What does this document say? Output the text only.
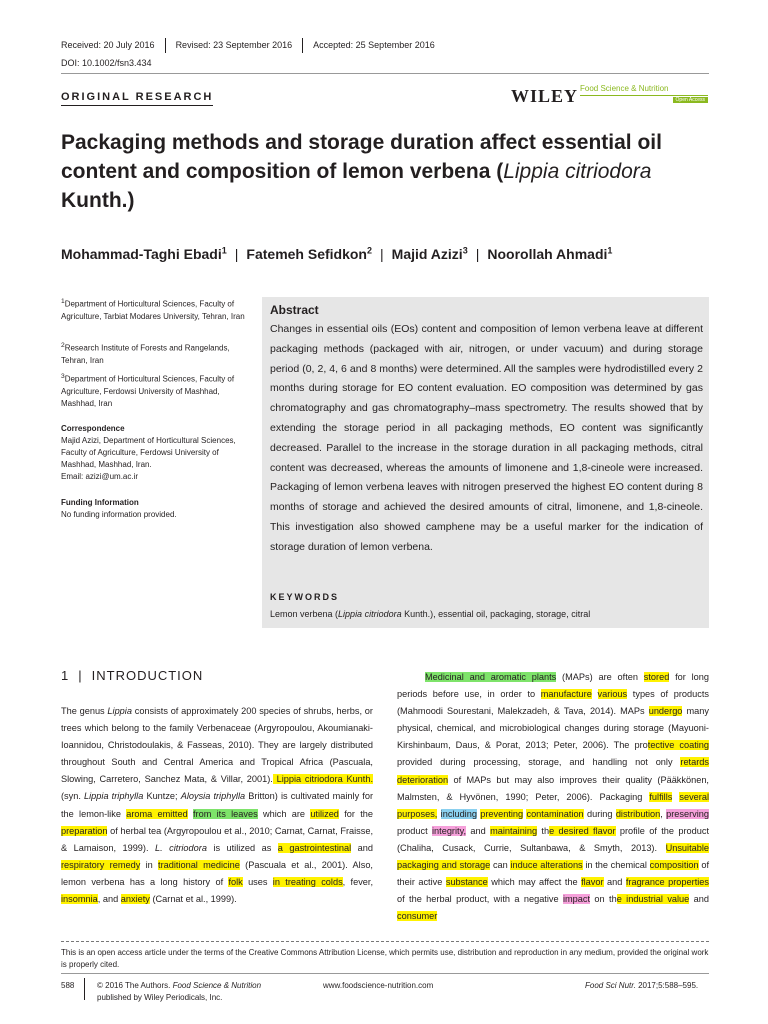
Received: 20 July 2016	Revised: 23 September 2016	Accepted: 25 September 2016
DOI: 10.1002/fsn3.434
ORIGINAL RESEARCH	WILEY Food Science & Nutrition
Open Access
Packaging methods and storage duration affect essential oil content and composition of lemon verbena (Lippia citriodora Kunth.)
Mohammad-Taghi Ebadi$^1$ | Fatemeh Sefidkon$^2$ | Majid Azizi$^3$ | Noorollah Ahmadi$^1$
$^1$Department of Horticultural Sciences, Faculty of Agriculture, Tarbiat Modares University, Tehran, Iran
$^2$Research Institute of Forests and Rangelands, Tehran, Iran
$^3$Department of Horticultural Sciences, Faculty of Agriculture, Ferdowsi University of Mashhad, Mashhad, Iran
Correspondence
Majid Azizi, Department of Horticultural Sciences, Faculty of Agriculture, Ferdowsi University of Mashhad, Mashhad, Iran.
Email: azizi@um.ac.ir
Funding Information
No funding information provided.
Abstract
Changes in essential oils (EOs) content and composition of lemon verbena leave at different packaging methods (packaged with air, nitrogen, or under vacuum) and during storage period (0, 2, 4, 6 and 8 months) were determined. All the samples were hydrodistilled every 2 months during storage for EO content evaluation. EO composition was determined by gas chromatography and gas chromatography–mass spectrometry. The results showed that by extending the storage period in all packaging methods, EO content was significantly decreased. Parallel to the increase in the storage duration in all packaging methods, citral content was decreased, whereas the amounts of limonene and 1,8-cineole were increased. Packaging of lemon verbena leaves with nitrogen preserved the highest EO content during 8 months of storage and achieved the desired amounts of citral, limonene, and 1,8-cineole. This investigation also showed camphene may be a useful marker for the indication of storage duration of lemon verbena.
KEYWORDS
Lemon verbena (Lippia citriodora Kunth.), essential oil, packaging, storage, citral
1 | INTRODUCTION
The genus Lippia consists of approximately 200 species of shrubs, herbs, or trees which belong to the family Verbenaceae (Argyropoulou, Akoumianaki-Ioannidou, Christodoulakis, & Fasseas, 2010). They are largely distributed throughout South and Central America and Tropical Africa (Pascuala, Slowing, Carretero, Sanchez Mata, & Villar, 2001). Lippia citriodora Kunth. (syn. Lippia triphylla Kuntze; Aloysia triphylla Britton) is cultivated mainly for the lemon-like aroma emitted from its leaves which are utilized for the preparation of herbal tea (Argyropoulou et al., 2010; Carnat, Carnat, Fraisse, & Lamaison, 1999). L. citriodora is utilized as a gastrointestinal and respiratory remedy in traditional medicine (Pascuala et al., 2001). Also, lemon verbena has a long history of folk uses in treating colds, fever, insomnia, and anxiety (Carnat et al., 1999).
Medicinal and aromatic plants (MAPs) are often stored for long periods before use, in order to manufacture various types of products (Mahmoodi Sourestani, Malekzadeh, & Tava, 2014). MAPs undergo many physical, chemical, and microbiological changes during storage (Mayuoni-Kirshinbaum, Daus, & Porat, 2013; Peter, 2006). The protective coating provided during processing, storage, and handling not only retards deterioration of MAPs but may also improves their quality (Pääkkönen, Malmsten, & Hyvönen, 1990; Peter, 2006). Packaging fulfills several purposes, including preventing contamination during distribution, preserving product integrity, and maintaining the desired flavor profile of the product (Chaliha, Cusack, Currie, Sultanbawa, & Smyth, 2013). Unsuitable packaging and storage can induce alterations in the chemical composition of their active substance which may affect the flavor and fragrance properties of the herbal product, with a negative impact on the industrial value and consumer
This is an open access article under the terms of the Creative Commons Attribution License, which permits use, distribution and reproduction in any medium, provided the original work is properly cited.
588	© 2016 The Authors. Food Science & Nutrition
published by Wiley Periodicals, Inc.
www.foodscience-nutrition.com	Food Sci Nutr. 2017;5:588–595.
